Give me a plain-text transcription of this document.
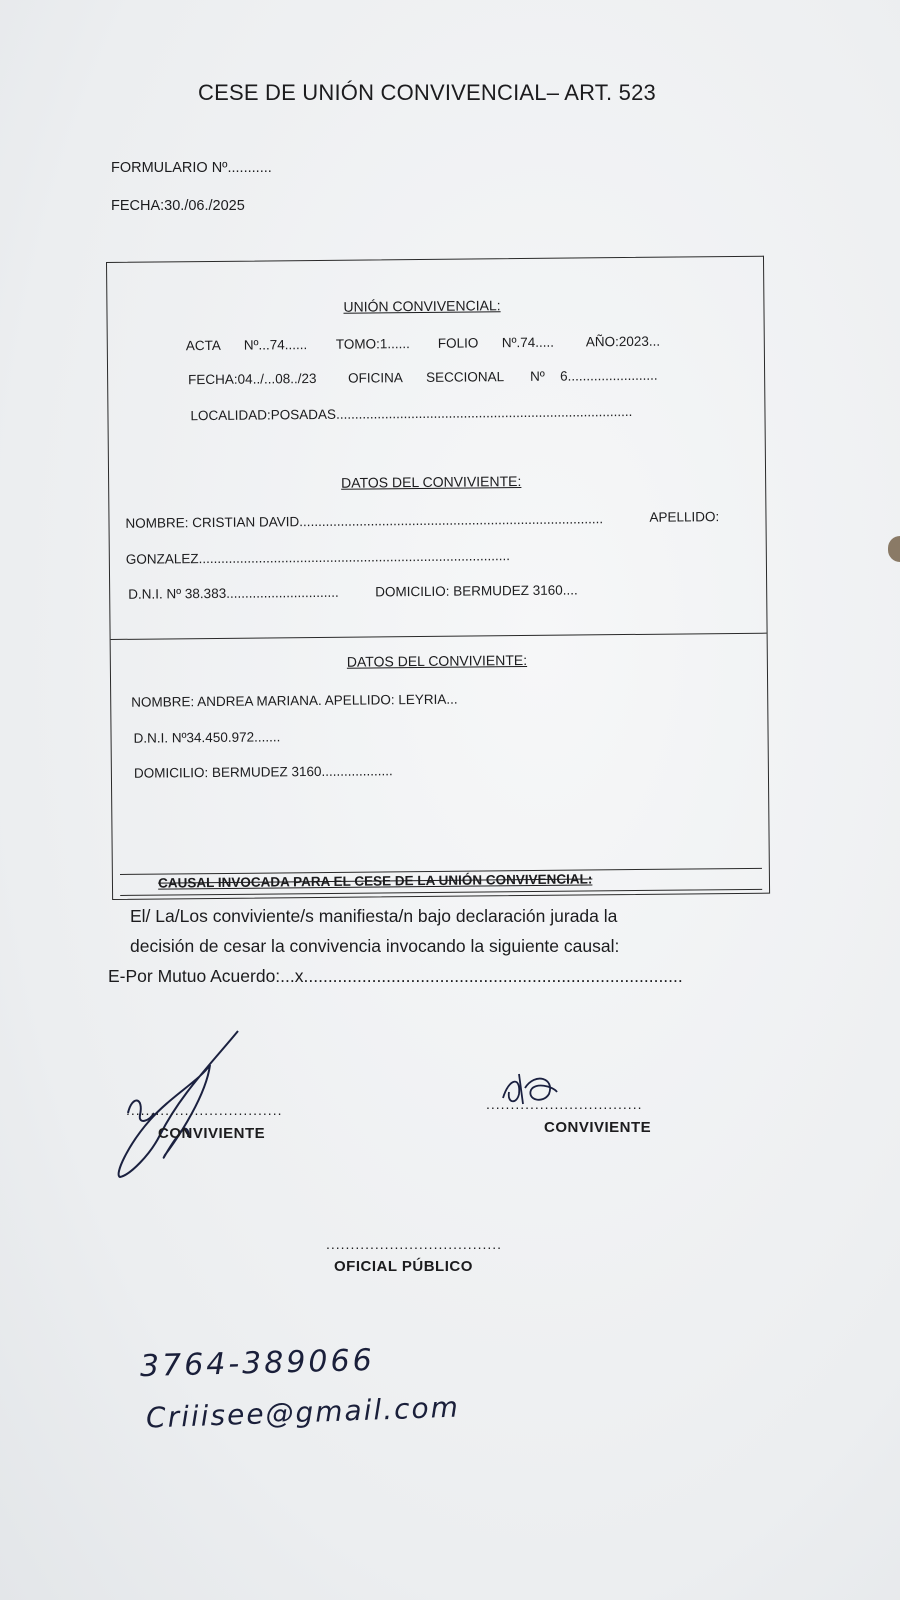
CESE DE UNIÓN CONVIVENCIAL– ART. 523
FORMULARIO Nº...........
FECHA:30./06./2025
UNIÓN CONVIVENCIAL:
ACTA Nº...74...... TOMO:1...... FOLIO Nº.74..... AÑO:2023...
FECHA:04../...08../23 OFICINA SECCIONAL Nº 6........................
LOCALIDAD:POSADAS...............................................................................
DATOS DEL CONVIVIENTE:
NOMBRE: CRISTIAN DAVID.................................................................................	APELLIDO:
GONZALEZ...................................................................................
D.N.I. Nº 38.383..............................	DOMICILIO: BERMUDEZ 3160....
DATOS DEL CONVIVIENTE:
NOMBRE: ANDREA MARIANA. APELLIDO: LEYRIA...
D.N.I. Nº34.450.972.......
DOMICILIO: BERMUDEZ 3160...................
CAUSAL INVOCADA PARA EL CESE DE LA UNIÓN CONVIVENCIAL:
El/ La/Los conviviente/s manifiesta/n bajo declaración jurada la
decisión de cesar la convivencia invocando la siguiente causal:
E-Por Mutuo Acuerdo:...x..............................................................................
................................
CONVIVIENTE
................................
CONVIVIENTE
....................................
OFICIAL PÚBLICO
3764-389066
Criiisee@gmail.com
